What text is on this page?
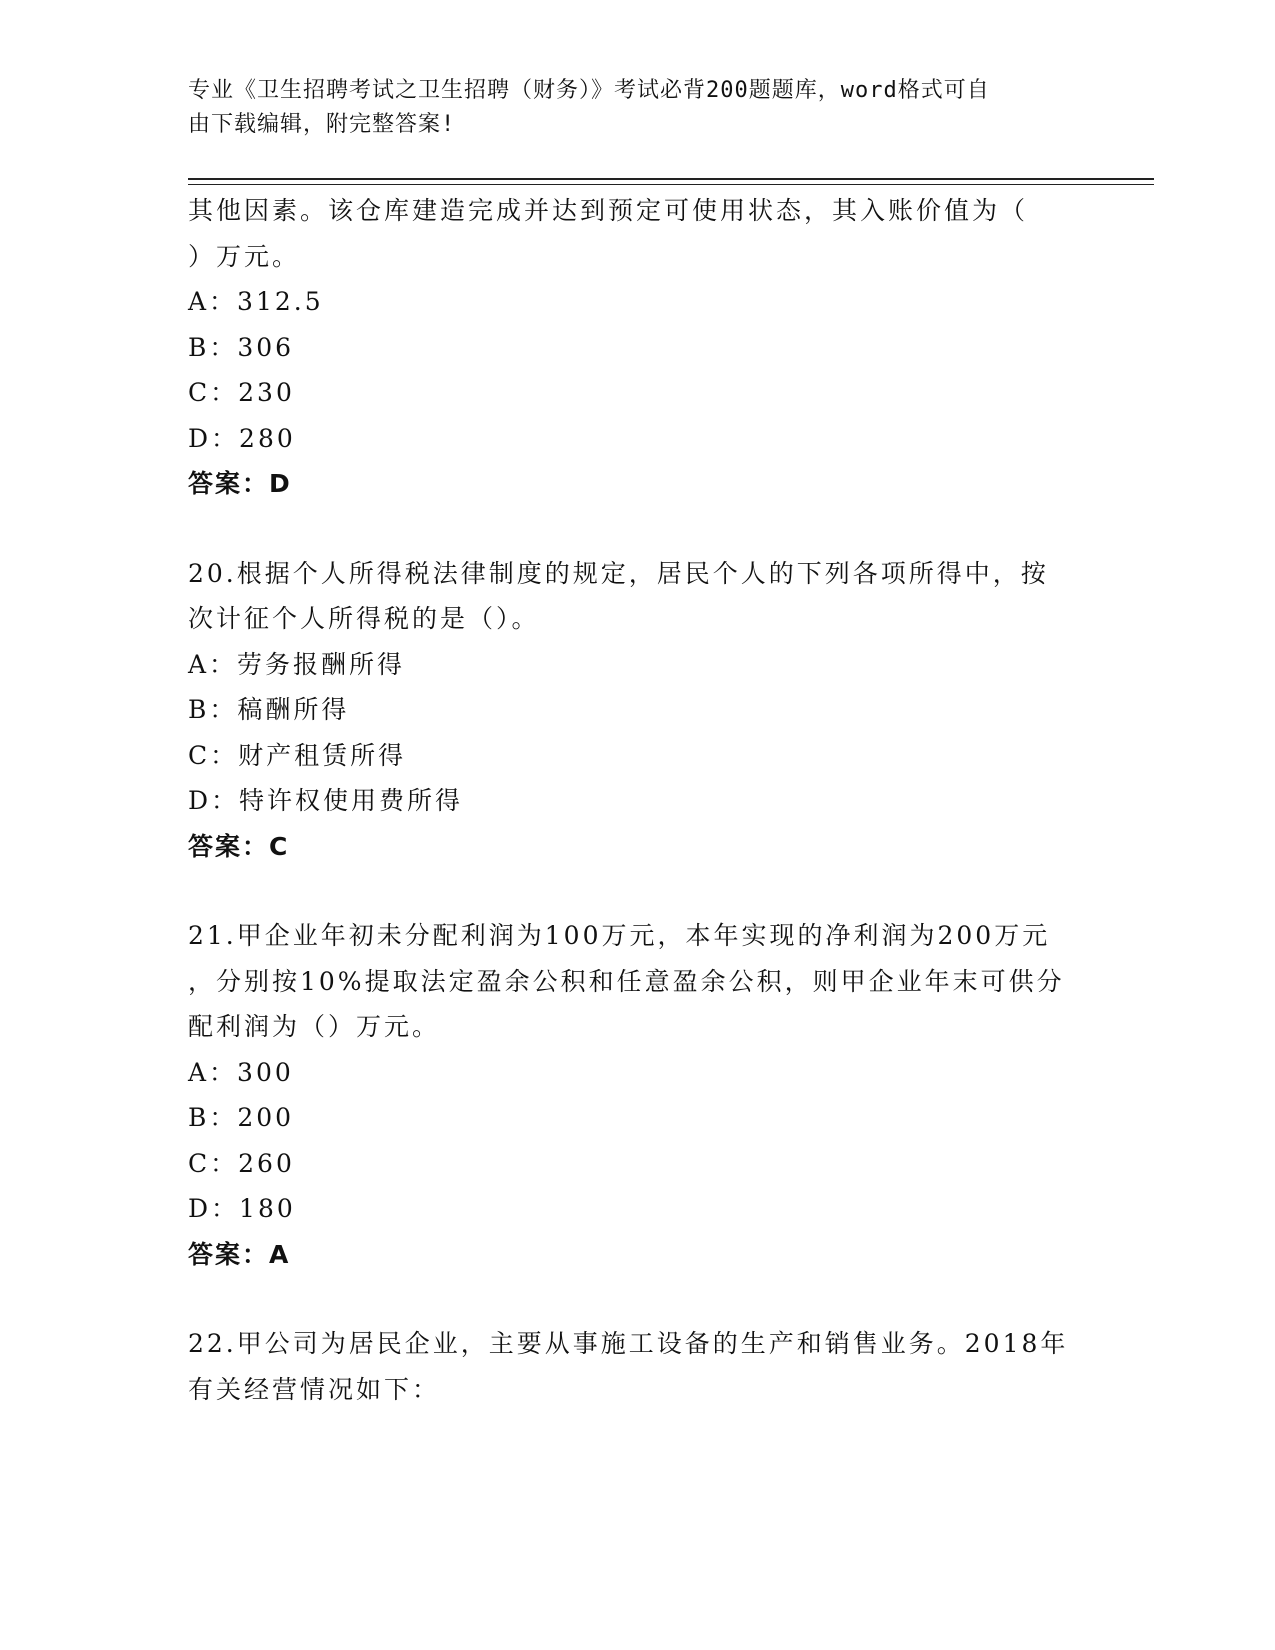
专业《卫生招聘考试之卫生招聘（财务）》考试必背200题题库，word格式可自
由下载编辑，附完整答案!
其他因素。该仓库建造完成并达到预定可使用状态，其入账价值为（
）万元。
A：312.5
B：306
C：230
D：280
答案：D
20.根据个人所得税法律制度的规定，居民个人的下列各项所得中，按
次计征个人所得税的是（）。
A：劳务报酬所得
B：稿酬所得
C：财产租赁所得
D：特许权使用费所得
答案：C
21.甲企业年初未分配利润为100万元，本年实现的净利润为200万元
，分别按10%提取法定盈余公积和任意盈余公积，则甲企业年末可供分
配利润为（）万元。
A：300
B：200
C：260
D：180
答案：A
22.甲公司为居民企业，主要从事施工设备的生产和销售业务。2018年
有关经营情况如下：
